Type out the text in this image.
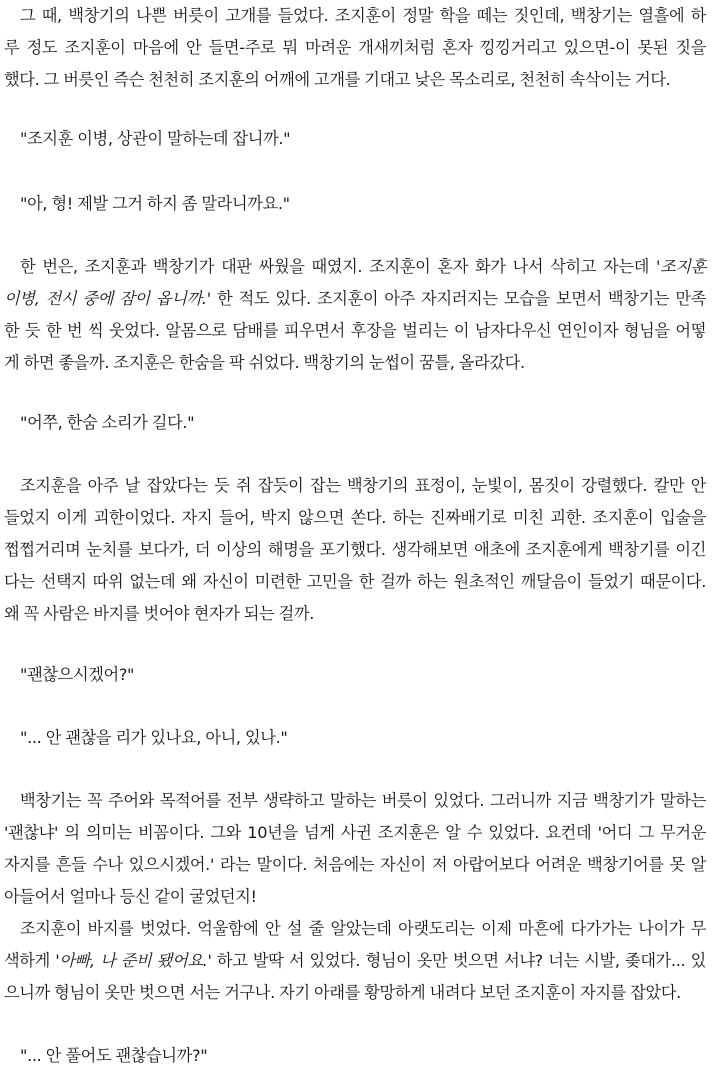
그 때, 백창기의 나쁜 버릇이 고개를 들었다. 조지훈이 정말 학을 떼는 짓인데, 백창기는 열흘에 하
루 정도 조지훈이 마음에 안 들면-주로 뭐 마려운 개새끼처럼 혼자 낑낑거리고 있으면-이 못된 짓을
했다. 그 버릇인 즉슨 천천히 조지훈의 어깨에 고개를 기대고 낮은 목소리로, 천천히 속삭이는 거다.
"조지훈 이병, 상관이 말하는데 잡니까."
"아, 형! 제발 그거 하지 좀 말라니까요."
한 번은, 조지훈과 백창기가 대판 싸웠을 때였지. 조지훈이 혼자 화가 나서 삭히고 자는데 '조지훈
이병, 전시 중에 잠이 옵니까.' 한 적도 있다. 조지훈이 아주 자지러지는 모습을 보면서 백창기는 만족
한 듯 한 번 씩 웃었다. 알몸으로 담배를 피우면서 후장을 벌리는 이 남자다우신 연인이자 형님을 어떻
게 하면 좋을까. 조지훈은 한숨을 팍 쉬었다. 백창기의 눈썹이 꿈틀, 올라갔다.
"어쭈, 한숨 소리가 길다."
조지훈을 아주 날 잡았다는 듯 쥐 잡듯이 잡는 백창기의 표정이, 눈빛이, 몸짓이 강렬했다. 칼만 안
들었지 이게 괴한이었다. 자지 들어, 박지 않으면 쏜다. 하는 진짜배기로 미친 괴한. 조지훈이 입술을
쩝쩝거리며 눈치를 보다가, 더 이상의 해명을 포기했다. 생각해보면 애초에 조지훈에게 백창기를 이긴
다는 선택지 따위 없는데 왜 자신이 미련한 고민을 한 걸까 하는 원초적인 깨달음이 들었기 때문이다.
왜 꼭 사람은 바지를 벗어야 현자가 되는 걸까.
"괜찮으시겠어?"
"... 안 괜찮을 리가 있나요, 아니, 있나."
백창기는 꼭 주어와 목적어를 전부 생략하고 말하는 버릇이 있었다. 그러니까 지금 백창기가 말하는
'괜찮냐' 의 의미는 비꼼이다. 그와 10년을 넘게 사귄 조지훈은 알 수 있었다. 요컨데 '어디 그 무거운
자지를 흔들 수나 있으시겠어.' 라는 말이다. 처음에는 자신이 저 아랍어보다 어려운 백창기어를 못 알
아들어서 얼마나 등신 같이 굴었던지!
조지훈이 바지를 벗었다. 억울함에 안 설 줄 알았는데 아랫도리는 이제 마흔에 다가가는 나이가 무
색하게 '아빠, 나 준비 됐어요.' 하고 발딱 서 있었다. 형님이 옷만 벗으면 서냐? 너는 시발, 좆대가... 있
으니까 형님이 옷만 벗으면 서는 거구나. 자기 아래를 황망하게 내려다 보던 조지훈이 자지를 잡았다.
"... 안 풀어도 괜찮습니까?"
